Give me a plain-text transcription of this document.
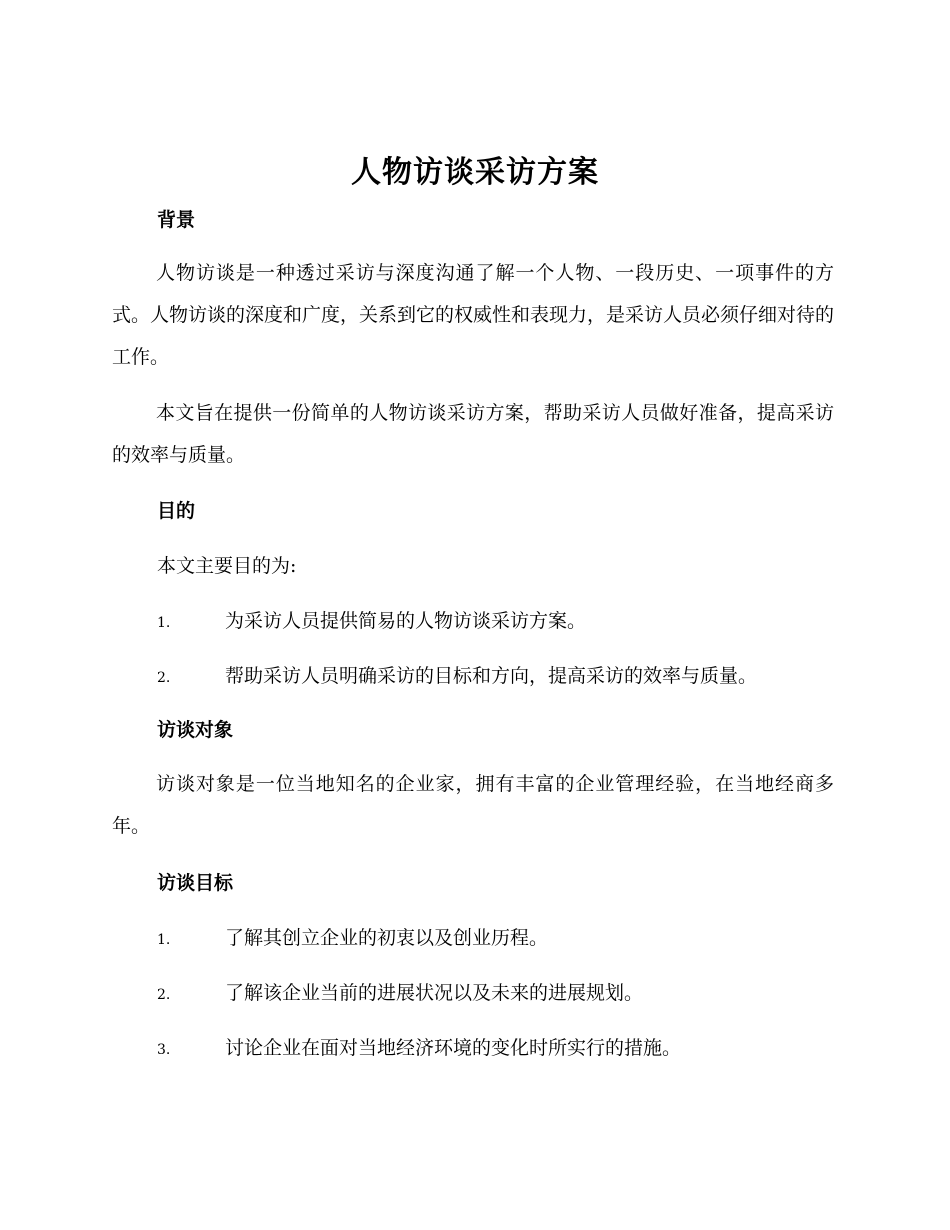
人物访谈采访方案
背景

人物访谈是一种透过采访与深度沟通了解一个人物、一段历史、一项事件的方式。人物访谈的深度和广度，关系到它的权威性和表现力，是采访人员必须仔细对待的工作。

本文旨在提供一份简单的人物访谈采访方案，帮助采访人员做好准备，提高采访的效率与质量。

目的
本文主要目的为:
1.	为采访人员提供简易的人物访谈采访方案。
2.	帮助采访人员明确采访的目标和方向，提高采访的效率与质量。
访谈对象

访谈对象是一位当地知名的企业家，拥有丰富的企业管理经验，在当地经商多年。

访谈目标
1.	了解其创立企业的初衷以及创业历程。
2.	了解该企业当前的进展状况以及未来的进展规划。
3.	讨论企业在面对当地经济环境的变化时所实行的措施。
